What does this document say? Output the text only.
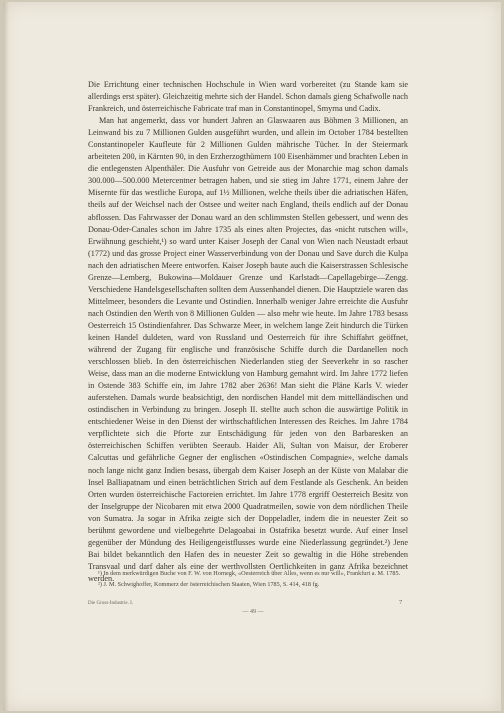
Die Errichtung einer technischen Hochschule in Wien ward vorbereitet (zu Stande kam sie allerdings erst später). Gleichzeitig mehrte sich der Handel. Schon damals gieng Schafwolle nach Frankreich, und österreichische Fabricate traf man in Constantinopel, Smyrna und Cadix.

Man hat angemerkt, dass vor hundert Jahren an Glaswaaren aus Böhmen 3 Millionen, an Leinwand bis zu 7 Millionen Gulden ausgeführt wurden, und allein im October 1784 bestellten Constantinopeler Kaufleute für 2 Millionen Gulden mährische Tücher. In der Steiermark arbeiteten 200, in Kärnten 90, in den Erzherzogthümern 100 Eisenhämmer und brachten Leben in die entlegensten Alpenthäler. Die Ausfuhr von Getreide aus der Monarchie mag schon damals 300.000—500.000 Metercentner betragen haben, und sie stieg im Jahre 1771, einem Jahre der Misernte für das westliche Europa, auf 1½ Millionen, welche theils über die adriatischen Häfen, theils auf der Weichsel nach der Ostsee und weiter nach England, theils endlich auf der Donau abflossen. Das Fahrwasser der Donau ward an den schlimmsten Stellen gebessert, und wenn des Donau-Oder-Canales schon im Jahre 1735 als eines alten Projectes, das «nicht rutschen will», Erwähnung geschieht,¹) so ward unter Kaiser Joseph der Canal von Wien nach Neustadt erbaut (1772) und das grosse Project einer Wasserverbindung von der Donau und Save durch die Kulpa nach den adriatischen Meere entworfen. Kaiser Joseph baute auch die Kaiserstrassen Schlesische Grenze—Lemberg, Bukowina—Moldauer Grenze und Karlstadt—Capellagebirge—Zengg. Verschiedene Handelsgesellschaften sollten dem Aussenhandel dienen. Die Hauptziele waren das Mittelmeer, besonders die Levante und Ostindien. Innerhalb weniger Jahre erreichte die Ausfuhr nach Ostindien den Werth von 8 Millionen Gulden — also mehr wie heute. Im Jahre 1783 besass Oesterreich 15 Ostindienfahrer. Das Schwarze Meer, in welchem lange Zeit hindurch die Türken keinen Handel duldeten, ward von Russland und Oesterreich für ihre Schiffahrt geöffnet, während der Zugang für englische und französische Schiffe durch die Dardanellen noch verschlossen blieb. In den österreichischen Niederlanden stieg der Seeverkehr in so rascher Weise, dass man an die moderne Entwicklung von Hamburg gemahnt wird. Im Jahre 1772 liefen in Ostende 383 Schiffe ein, im Jahre 1782 aber 2636! Man sieht die Pläne Karls V. wieder auferstehen. Damals wurde beabsichtigt, den nordischen Handel mit dem mittelländischen und ostindischen in Verbindung zu bringen. Joseph II. stellte auch schon die auswärtige Politik in entschiedener Weise in den Dienst der wirthschaftlichen Interessen des Reiches. Im Jahre 1784 verpflichtete sich die Pforte zur Entschädigung für jeden von den Barbaresken an österreichischen Schiffen verübten Seeraub. Haider Ali, Sultan von Maisur, der Eroberer Calcuttas und gefährliche Gegner der englischen «Ostindischen Compagnie», welche damals noch lange nicht ganz Indien besass, übergab dem Kaiser Joseph an der Küste von Malabar die Insel Balliapatnam und einen beträchtlichen Strich auf dem Festlande als Geschenk. An beiden Orten wurden österreichische Factoreien errichtet. Im Jahre 1778 ergriff Oesterreich Besitz von der Inselgruppe der Nicobaren mit etwa 2000 Quadratmeilen, sowie von dem nördlichen Theile von Sumatra. Ja sogar in Afrika zeigte sich der Doppeladler, indem die in neuester Zeit so berühmt gewordene und vielbegehrte Delagoabai in Ostafrika besetzt wurde. Auf einer Insel gegenüber der Mündung des Heiligengeistflusses wurde eine Niederlassung gegründet.²) Jene Bai bildet bekanntlich den Hafen des in neuester Zeit so gewaltig in die Höhe strebenden Transvaal und darf daher als eine der werthvollsten Oertlichkeiten in ganz Afrika bezeichnet werden.

¹) In dem merkwürdigen Buche von F. W. von Hornegk, «Oesterreich über Alles, wenn es nur will», Frankfurt a. M. 1785.

²) J. M. Schwighoffer, Kommerz der österreichischen Staaten, Wien 1785, S. 414, 418 fg.

Die Gross-Industrie. I.	7
— 49 —
